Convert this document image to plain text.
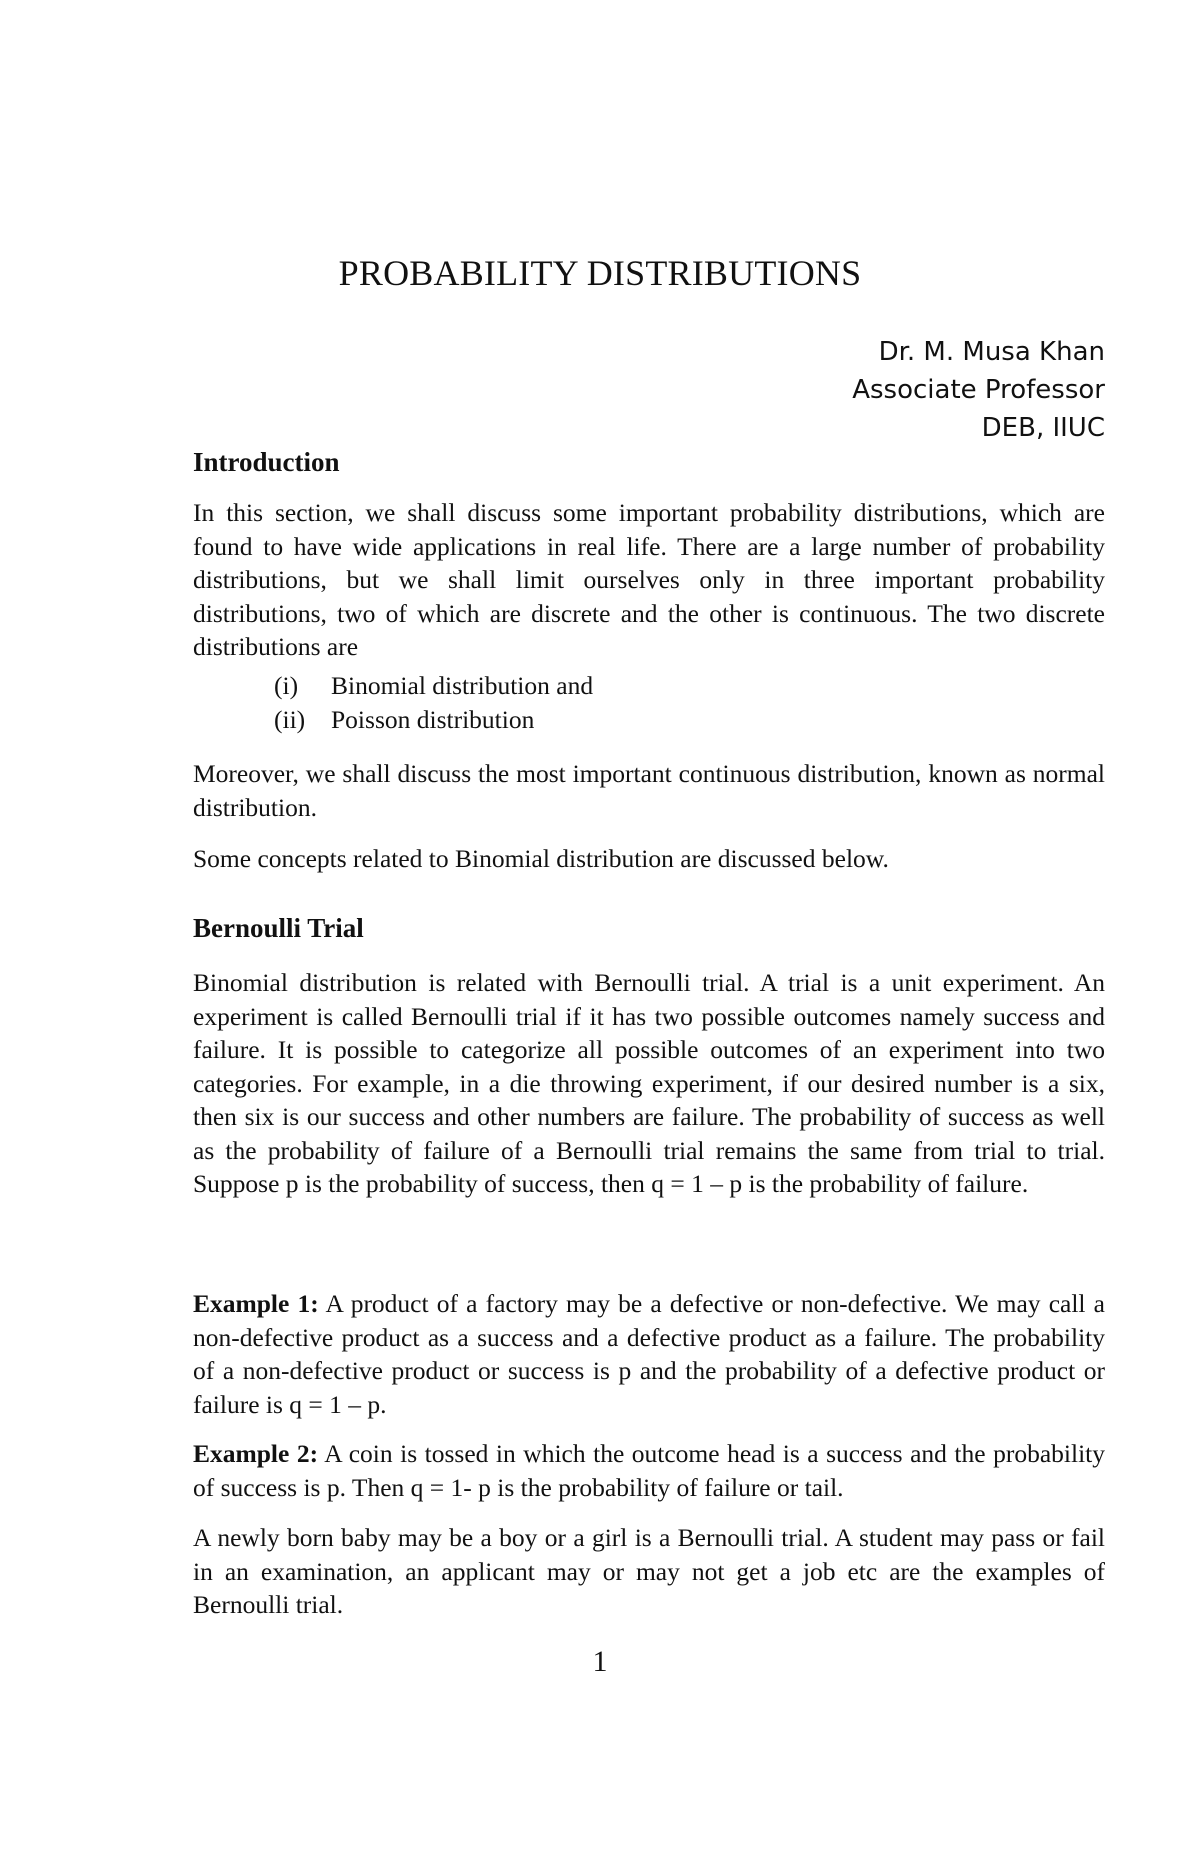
PROBABILITY DISTRIBUTIONS
Dr. M. Musa Khan
Associate Professor
DEB, IIUC
Introduction

In this section, we shall discuss some important probability distributions, which are found to have wide applications in real life. There are a large number of probability distributions, but we shall limit ourselves only in three important probability distributions, two of which are discrete and the other is continuous. The two discrete distributions are

(i) Binomial distribution and
(ii) Poisson distribution

Moreover, we shall discuss the most important continuous distribution, known as normal distribution.

Some concepts related to Binomial distribution are discussed below.

Bernoulli Trial

Binomial distribution is related with Bernoulli trial. A trial is a unit experiment. An experiment is called Bernoulli trial if it has two possible outcomes namely success and failure. It is possible to categorize all possible outcomes of an experiment into two categories. For example, in a die throwing experiment, if our desired number is a six, then six is our success and other numbers are failure. The probability of success as well as the probability of failure of a Bernoulli trial remains the same from trial to trial. Suppose p is the probability of success, then q = 1 – p is the probability of failure.

Example 1: A product of a factory may be a defective or non-defective. We may call a non-defective product as a success and a defective product as a failure. The probability of a non-defective product or success is p and the probability of a defective product or failure is q = 1 – p.

Example 2: A coin is tossed in which the outcome head is a success and the probability of success is p. Then q = 1- p is the probability of failure or tail.

A newly born baby may be a boy or a girl is a Bernoulli trial. A student may pass or fail in an examination, an applicant may or may not get a job etc are the examples of Bernoulli trial.

1
